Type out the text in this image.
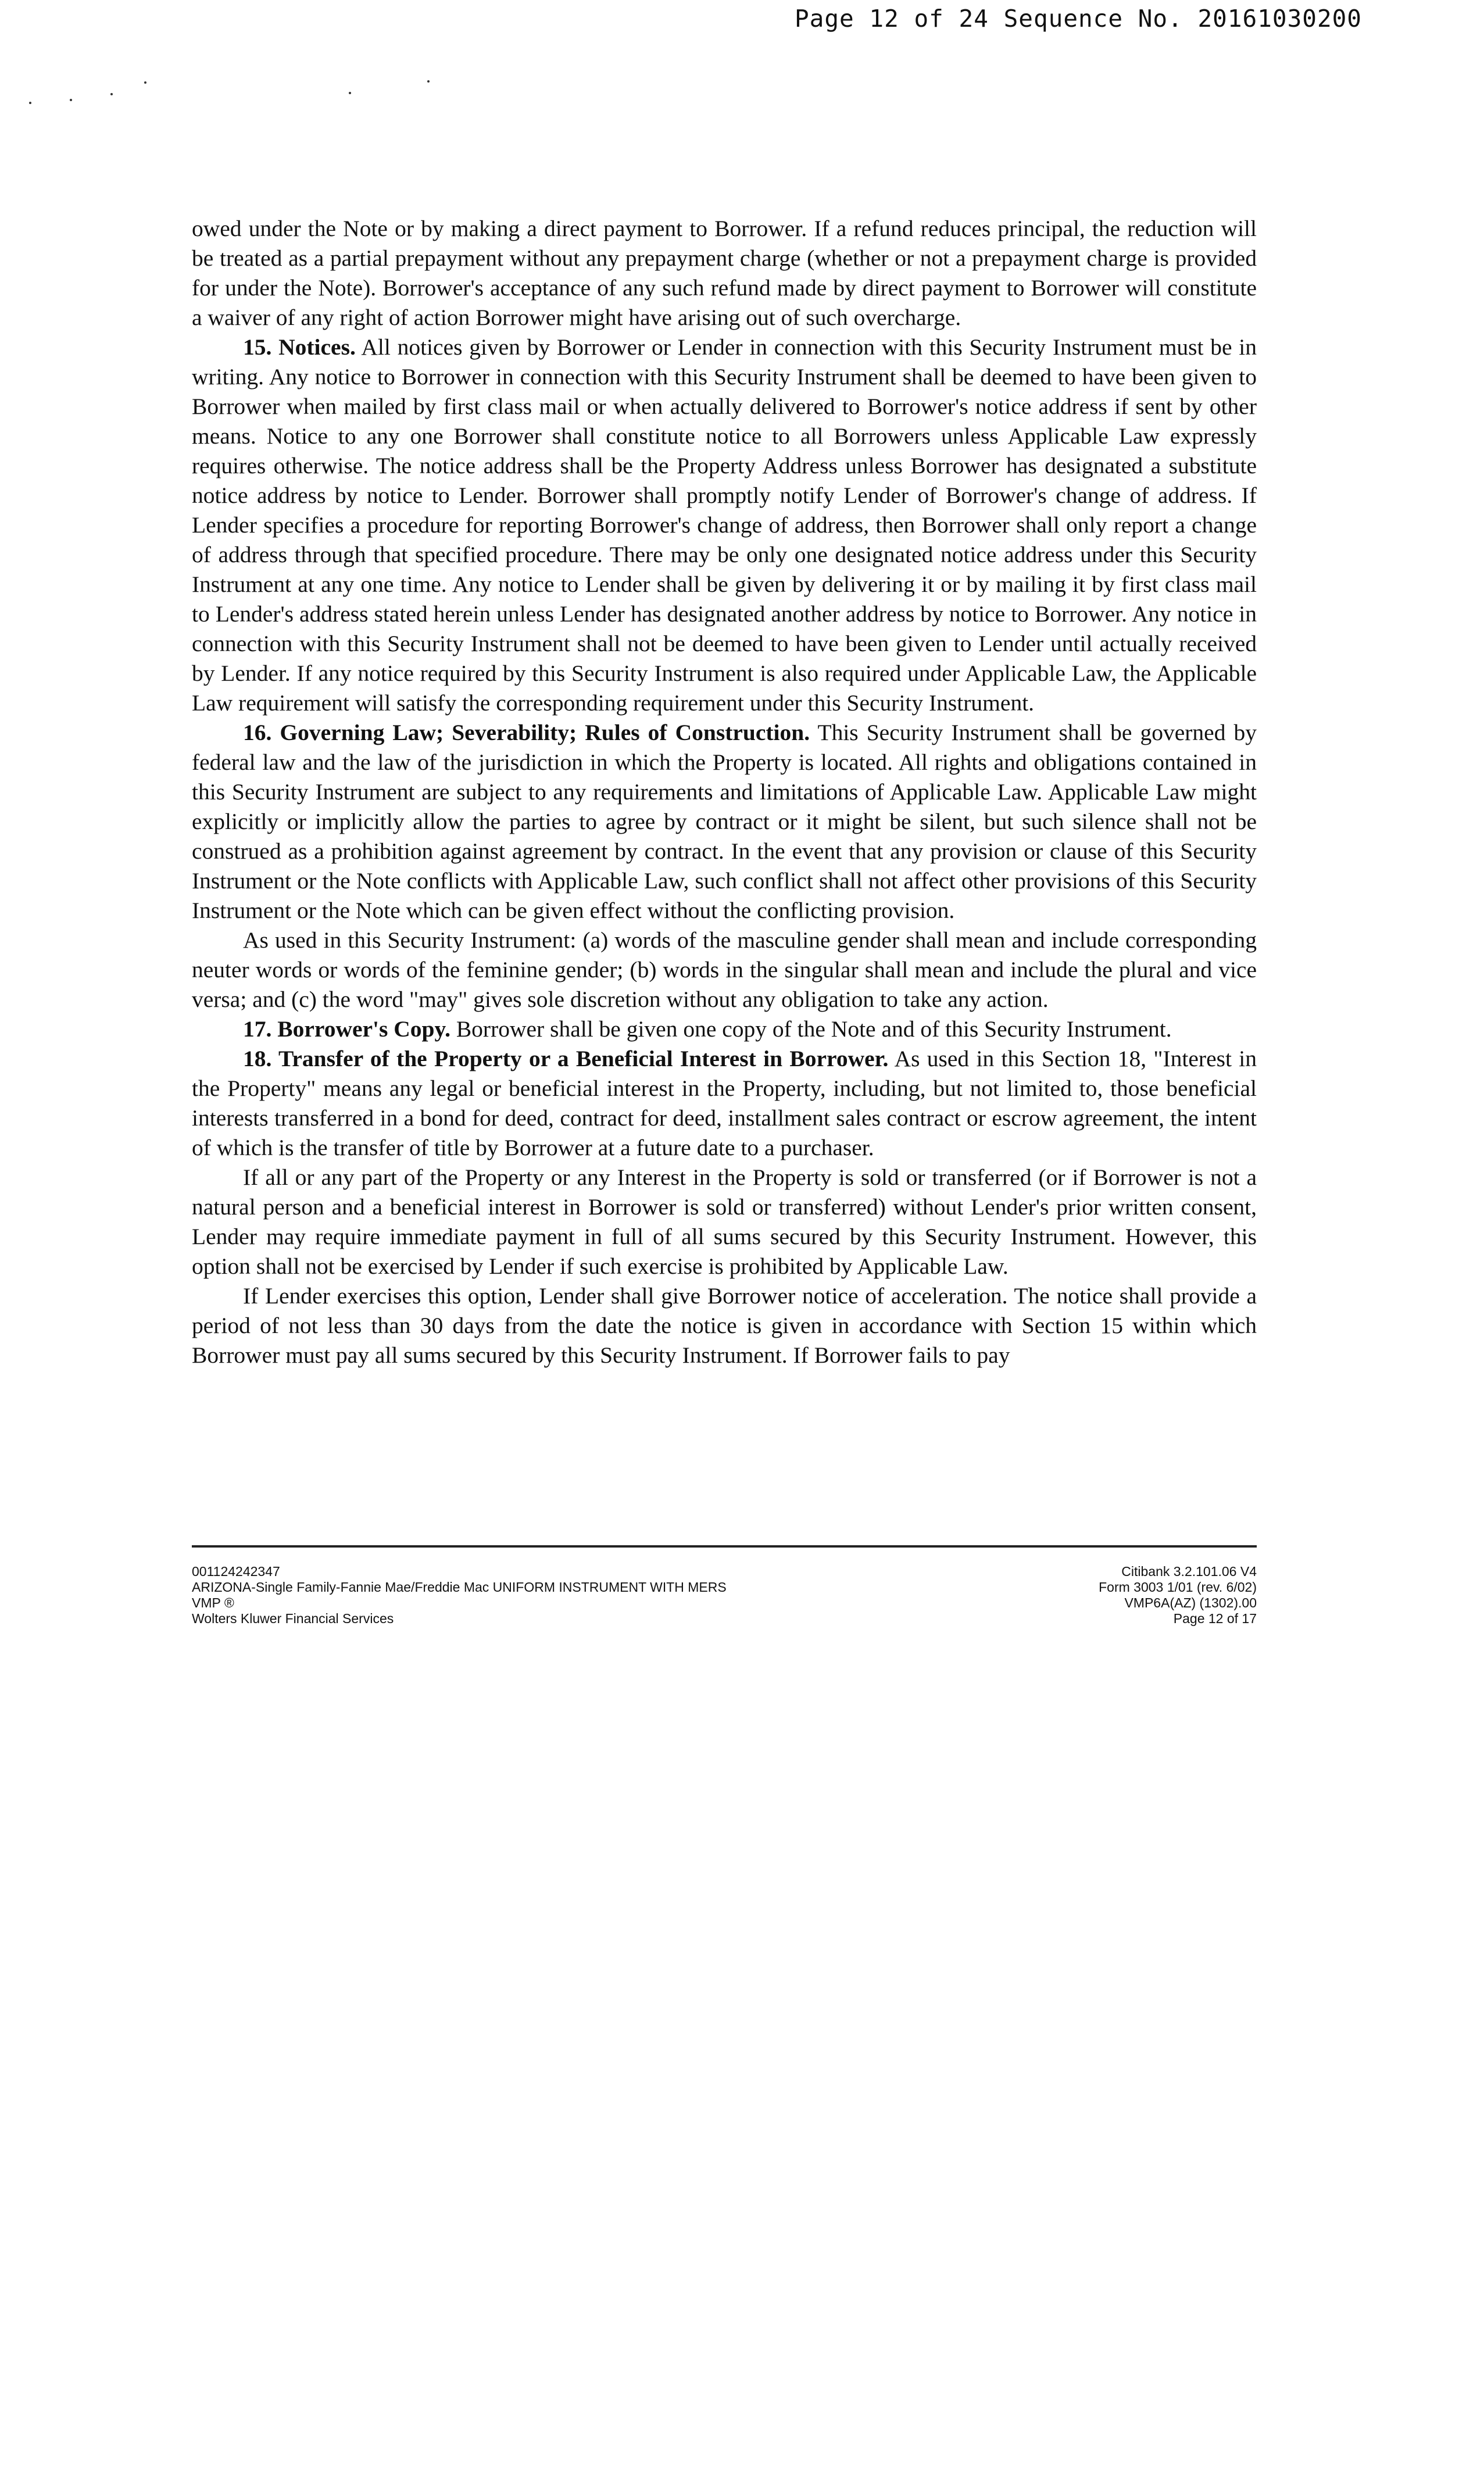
Page 12 of 24 Sequence No. 20161030200

owed under the Note or by making a direct payment to Borrower. If a refund reduces principal, the reduction will be treated as a partial prepayment without any prepayment charge (whether or not a prepayment charge is provided for under the Note). Borrower's acceptance of any such refund made by direct payment to Borrower will constitute a waiver of any right of action Borrower might have arising out of such overcharge.

15. Notices. All notices given by Borrower or Lender in connection with this Security Instrument must be in writing. Any notice to Borrower in connection with this Security Instrument shall be deemed to have been given to Borrower when mailed by first class mail or when actually delivered to Borrower's notice address if sent by other means. Notice to any one Borrower shall constitute notice to all Borrowers unless Applicable Law expressly requires otherwise. The notice address shall be the Property Address unless Borrower has designated a substitute notice address by notice to Lender. Borrower shall promptly notify Lender of Borrower's change of address. If Lender specifies a procedure for reporting Borrower's change of address, then Borrower shall only report a change of address through that specified procedure. There may be only one designated notice address under this Security Instrument at any one time. Any notice to Lender shall be given by delivering it or by mailing it by first class mail to Lender's address stated herein unless Lender has designated another address by notice to Borrower. Any notice in connection with this Security Instrument shall not be deemed to have been given to Lender until actually received by Lender. If any notice required by this Security Instrument is also required under Applicable Law, the Applicable Law requirement will satisfy the corresponding requirement under this Security Instrument.

16. Governing Law; Severability; Rules of Construction. This Security Instrument shall be governed by federal law and the law of the jurisdiction in which the Property is located. All rights and obligations contained in this Security Instrument are subject to any requirements and limitations of Applicable Law. Applicable Law might explicitly or implicitly allow the parties to agree by contract or it might be silent, but such silence shall not be construed as a prohibition against agreement by contract. In the event that any provision or clause of this Security Instrument or the Note conflicts with Applicable Law, such conflict shall not affect other provisions of this Security Instrument or the Note which can be given effect without the conflicting provision.

As used in this Security Instrument: (a) words of the masculine gender shall mean and include corresponding neuter words or words of the feminine gender; (b) words in the singular shall mean and include the plural and vice versa; and (c) the word "may" gives sole discretion without any obligation to take any action.

17. Borrower's Copy. Borrower shall be given one copy of the Note and of this Security Instrument.

18. Transfer of the Property or a Beneficial Interest in Borrower. As used in this Section 18, "Interest in the Property" means any legal or beneficial interest in the Property, including, but not limited to, those beneficial interests transferred in a bond for deed, contract for deed, installment sales contract or escrow agreement, the intent of which is the transfer of title by Borrower at a future date to a purchaser.

If all or any part of the Property or any Interest in the Property is sold or transferred (or if Borrower is not a natural person and a beneficial interest in Borrower is sold or transferred) without Lender's prior written consent, Lender may require immediate payment in full of all sums secured by this Security Instrument. However, this option shall not be exercised by Lender if such exercise is prohibited by Applicable Law.

If Lender exercises this option, Lender shall give Borrower notice of acceleration. The notice shall provide a period of not less than 30 days from the date the notice is given in accordance with Section 15 within which Borrower must pay all sums secured by this Security Instrument. If Borrower fails to pay

001124242347
ARIZONA-Single Family-Fannie Mae/Freddie Mac UNIFORM INSTRUMENT WITH MERS
VMP ®
Wolters Kluwer Financial Services
Citibank 3.2.101.06 V4
Form 3003 1/01 (rev. 6/02)
VMP6A(AZ) (1302).00
Page 12 of 17
